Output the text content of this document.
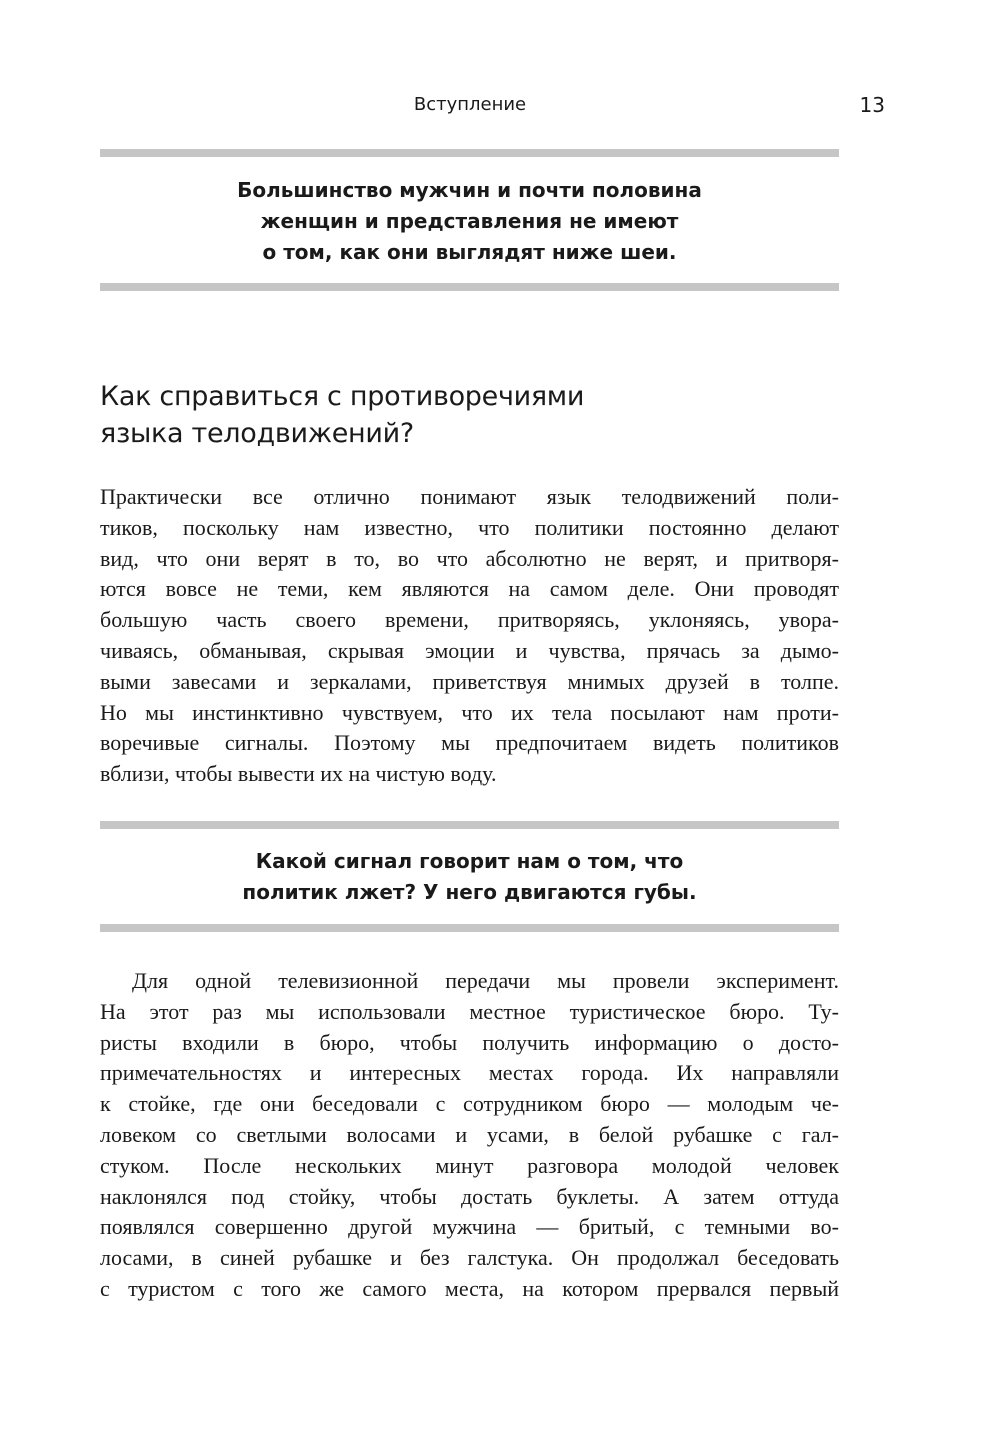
Вступление	13

Большинство мужчин и почти половина
женщин и представления не имеют
о том, как они выглядят ниже шеи.

Как справиться с противоречиями
языка телодвижений?

Практически все отлично понимают язык телодвижений поли-
тиков, поскольку нам известно, что политики постоянно делают
вид, что они верят в то, во что абсолютно не верят, и притворя-
ются вовсе не теми, кем являются на самом деле. Они проводят
большую часть своего времени, притворяясь, уклоняясь, увора-
чиваясь, обманывая, скрывая эмоции и чувства, прячась за дымо-
выми завесами и зеркалами, приветствуя мнимых друзей в толпе.
Но мы инстинктивно чувствуем, что их тела посылают нам проти-
воречивые сигналы. Поэтому мы предпочитаем видеть политиков
вблизи, чтобы вывести их на чистую воду.

Какой сигнал говорит нам о том, что
политик лжет? У него двигаются губы.

Для одной телевизионной передачи мы провели эксперимент.
На этот раз мы использовали местное туристическое бюро. Ту-
ристы входили в бюро, чтобы получить информацию о досто-
примечательностях и интересных местах города. Их направляли
к стойке, где они беседовали с сотрудником бюро — молодым че-
ловеком со светлыми волосами и усами, в белой рубашке с гал-
стуком. После нескольких минут разговора молодой человек
наклонялся под стойку, чтобы достать буклеты. А затем оттуда
появлялся совершенно другой мужчина — бритый, с темными во-
лосами, в синей рубашке и без галстука. Он продолжал беседовать
с туристом с того же самого места, на котором прервался первый
